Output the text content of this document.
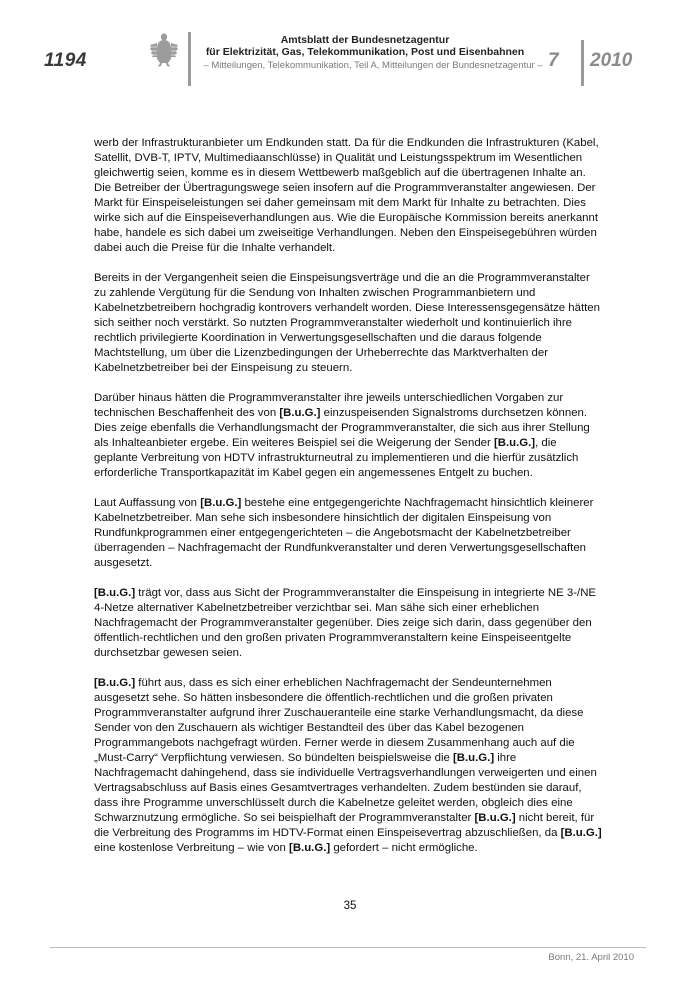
1194
Amtsblatt der Bundesnetzagentur
für Elektrizität, Gas, Telekommunikation, Post und Eisenbahnen
– Mitteilungen, Telekommunikation, Teil A, Mitteilungen der Bundesnetzagentur – 7 2010

werb der Infrastrukturanbieter um Endkunden statt. Da für die Endkunden die Infrastrukturen (Kabel, Satellit, DVB-T, IPTV, Multimediaanschlüsse) in Qualität und Leistungsspektrum im Wesentlichen gleichwertig seien, komme es in diesem Wettbewerb maßgeblich auf die übertragenen Inhalte an. Die Betreiber der Übertragungswege seien insofern auf die Programmveranstalter angewiesen. Der Markt für Einspeiseleistungen sei daher gemeinsam mit dem Markt für Inhalte zu betrachten. Dies wirke sich auf die Einspeiseverhandlungen aus. Wie die Europäische Kommission bereits anerkannt habe, handele es sich dabei um zweiseitige Verhandlungen. Neben den Einspeisegebühren würden dabei auch die Preise für die Inhalte verhandelt.

Bereits in der Vergangenheit seien die Einspeisungsverträge und die an die Programmveranstalter zu zahlende Vergütung für die Sendung von Inhalten zwischen Programmanbietern und Kabelnetzbetreibern hochgradig kontrovers verhandelt worden. Diese Interessensgegensätze hätten sich seither noch verstärkt. So nutzten Programmveranstalter wiederholt und kontinuierlich ihre rechtlich privilegierte Koordination in Verwertungsgesellschaften und die daraus folgende Machtstellung, um über die Lizenzbedingungen der Urheberrechte das Marktverhalten der Kabelnetzbetreiber bei der Einspeisung zu steuern.

Darüber hinaus hätten die Programmveranstalter ihre jeweils unterschiedlichen Vorgaben zur technischen Beschaffenheit des von [B.u.G.] einzuspeisenden Signalstroms durchsetzen können. Dies zeige ebenfalls die Verhandlungsmacht der Programmveranstalter, die sich aus ihrer Stellung als Inhalteanbieter ergebe. Ein weiteres Beispiel sei die Weigerung der Sender [B.u.G.], die geplante Verbreitung von HDTV infrastrukturneutral zu implementieren und die hierfür zusätzlich erforderliche Transportkapazität im Kabel gegen ein angemessenes Entgelt zu buchen.

Laut Auffassung von [B.u.G.] bestehe eine entgegengerichte Nachfragemacht hinsichtlich kleinerer Kabelnetzbetreiber. Man sehe sich insbesondere hinsichtlich der digitalen Einspeisung von Rundfunkprogrammen einer entgegengerichteten – die Angebotsmacht der Kabelnetzbetreiber überragenden – Nachfragemacht der Rundfunkveranstalter und deren Verwertungsgesellschaften ausgesetzt.

[B.u.G.] trägt vor, dass aus Sicht der Programmveranstalter die Einspeisung in integrierte NE 3-/NE 4-Netze alternativer Kabelnetzbetreiber verzichtbar sei. Man sähe sich einer erheblichen Nachfragemacht der Programmveranstalter gegenüber. Dies zeige sich darin, dass gegenüber den öffentlich-rechtlichen und den großen privaten Programmveranstaltern keine Einspeiseentgelte durchsetzbar gewesen seien.

[B.u.G.] führt aus, dass es sich einer erheblichen Nachfragemacht der Sendeunternehmen ausgesetzt sehe. So hätten insbesondere die öffentlich-rechtlichen und die großen privaten Programmveranstalter aufgrund ihrer Zuschaueranteile eine starke Verhandlungsmacht, da diese Sender von den Zuschauern als wichtiger Bestandteil des über das Kabel bezogenen Programmangebots nachgefragt würden. Ferner werde in diesem Zusammenhang auch auf die „Must-Carry“ Verpflichtung verwiesen. So bündelten beispielsweise die [B.u.G.] ihre Nachfragemacht dahingehend, dass sie individuelle Vertragsverhandlungen verweigerten und einen Vertragsabschluss auf Basis eines Gesamtvertrages verhandelten. Zudem bestünden sie darauf, dass ihre Programme unverschlüsselt durch die Kabelnetze geleitet werden, obgleich dies eine Schwarznutzung ermögliche. So sei beispielhaft der Programmveranstalter [B.u.G.] nicht bereit, für die Verbreitung des Programms im HDTV-Format einen Einspeisevertrag abzuschließen, da [B.u.G.] eine kostenlose Verbreitung – wie von [B.u.G.] gefordert – nicht ermögliche.

35
Bonn, 21. April 2010
